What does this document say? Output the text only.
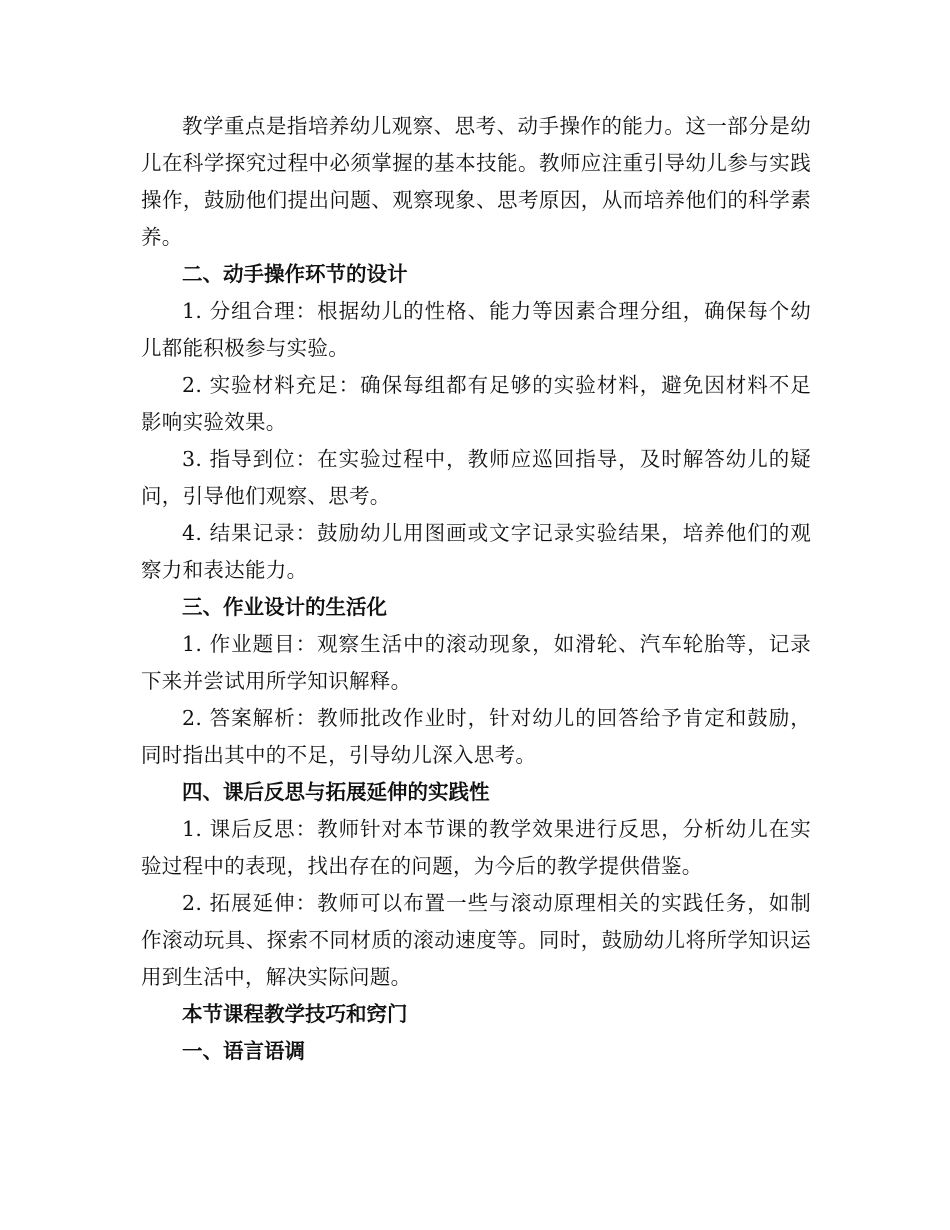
教学重点是指培养幼儿观察、思考、动手操作的能力。这一部分是幼儿在科学探究过程中必须掌握的基本技能。教师应注重引导幼儿参与实践操作，鼓励他们提出问题、观察现象、思考原因，从而培养他们的科学素养。

二、动手操作环节的设计

1. 分组合理：根据幼儿的性格、能力等因素合理分组，确保每个幼儿都能积极参与实验。

2. 实验材料充足：确保每组都有足够的实验材料，避免因材料不足影响实验效果。

3. 指导到位：在实验过程中，教师应巡回指导，及时解答幼儿的疑问，引导他们观察、思考。

4. 结果记录：鼓励幼儿用图画或文字记录实验结果，培养他们的观察力和表达能力。

三、作业设计的生活化

1. 作业题目：观察生活中的滚动现象，如滑轮、汽车轮胎等，记录下来并尝试用所学知识解释。

2. 答案解析：教师批改作业时，针对幼儿的回答给予肯定和鼓励，同时指出其中的不足，引导幼儿深入思考。

四、课后反思与拓展延伸的实践性

1. 课后反思：教师针对本节课的教学效果进行反思，分析幼儿在实验过程中的表现，找出存在的问题，为今后的教学提供借鉴。

2. 拓展延伸：教师可以布置一些与滚动原理相关的实践任务，如制作滚动玩具、探索不同材质的滚动速度等。同时，鼓励幼儿将所学知识运用到生活中，解决实际问题。

本节课程教学技巧和窍门

一、语言语调
